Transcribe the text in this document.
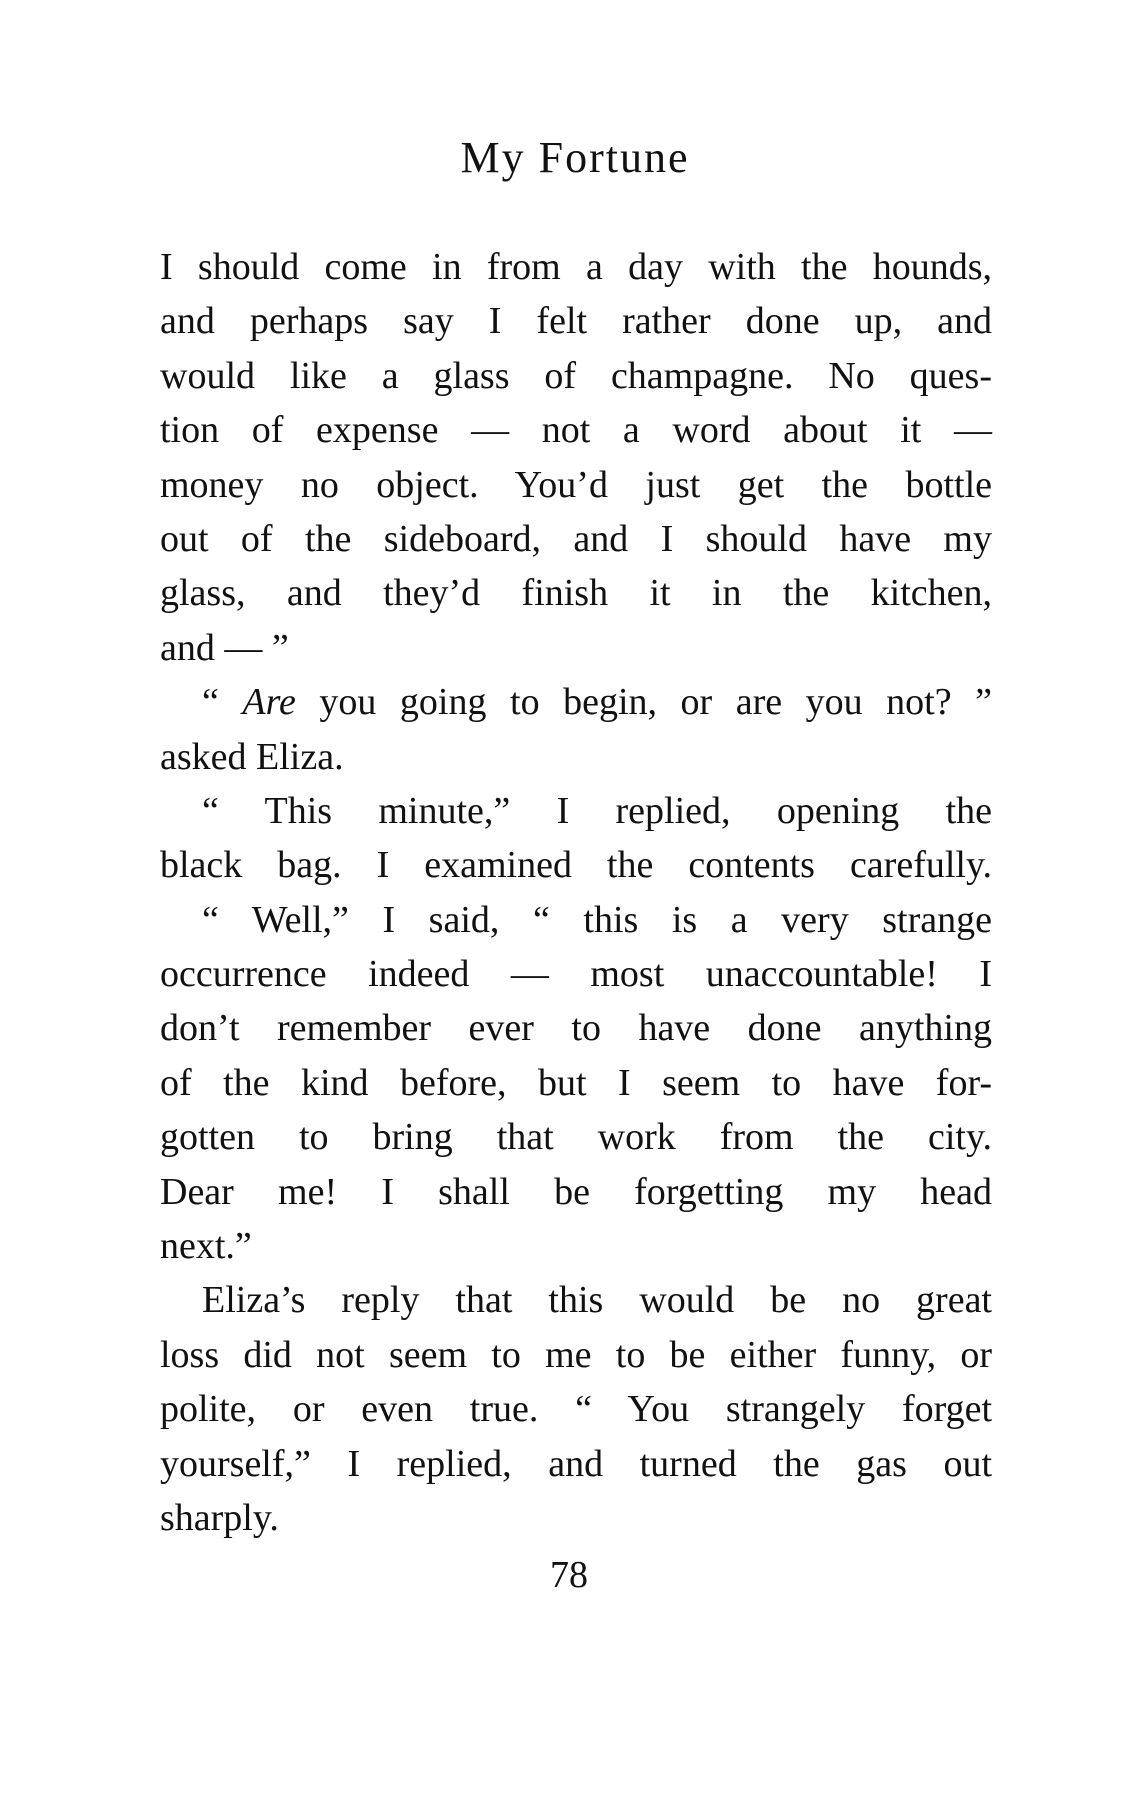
My Fortune
I should come in from a day with the hounds,
and perhaps say I felt rather done up, and
would like a glass of champagne. No ques-
tion of expense — not a word about it —
money no object. You’d just get the bottle
out of the sideboard, and I should have my
glass, and they’d finish it in the kitchen,
and — ”
“ Are you going to begin, or are you not? ”
asked Eliza.
“ This minute,” I replied, opening the
black bag. I examined the contents carefully.
“ Well,” I said, “ this is a very strange
occurrence indeed — most unaccountable! I
don’t remember ever to have done anything
of the kind before, but I seem to have for-
gotten to bring that work from the city.
Dear me! I shall be forgetting my head
next.”
Eliza’s reply that this would be no great
loss did not seem to me to be either funny, or
polite, or even true. “ You strangely forget
yourself,” I replied, and turned the gas out
sharply.
78
